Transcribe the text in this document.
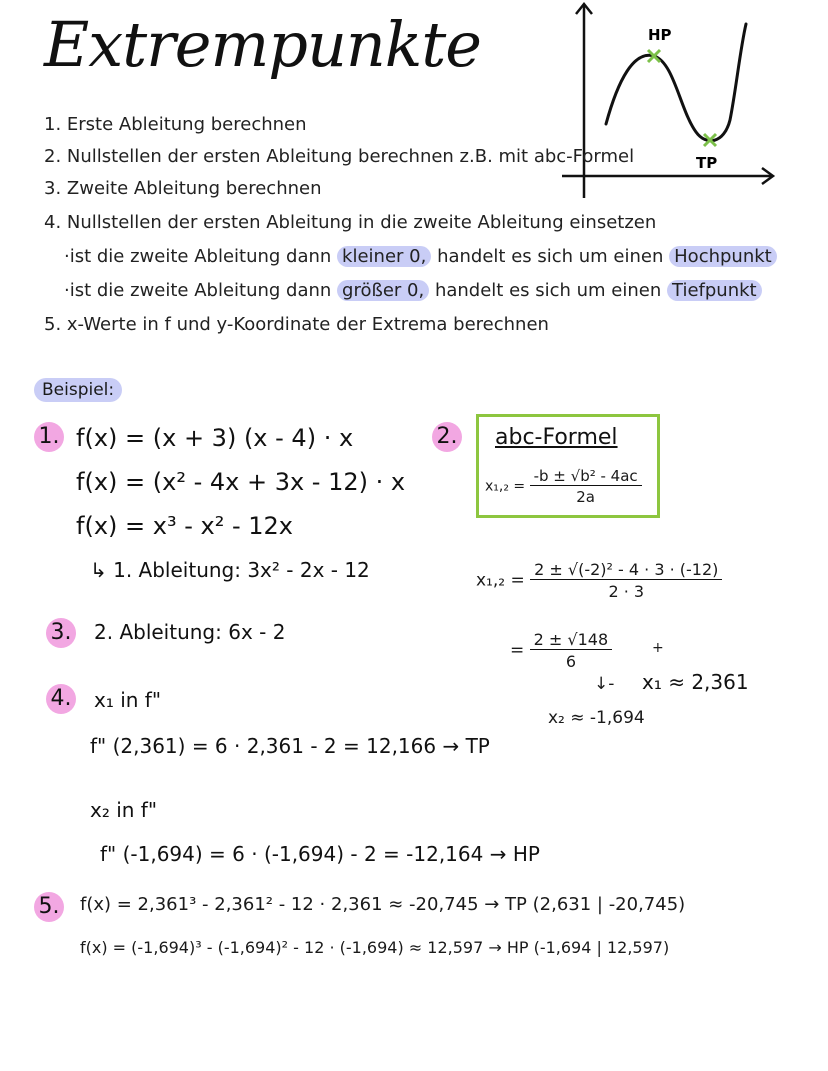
Extrempunkte	HP
TP
1. Erste Ableitung berechnen
2. Nullstellen der ersten Ableitung berechnen z.B. mit abc-Formel
3. Zweite Ableitung berechnen
4. Nullstellen der ersten Ableitung in die zweite Ableitung einsetzen
·ist die zweite Ableitung dann kleiner 0, handelt es sich um einen Hochpunkt
·ist die zweite Ableitung dann größer 0, handelt es sich um einen Tiefpunkt
5. x-Werte in f und y-Koordinate der Extrema berechnen
Beispiel:
1. f(x) = (x + 3) (x - 4) · x
f(x) = (x² - 4x + 3x - 12) · x
f(x) = x³ - x² - 12x
↳ 1. Ableitung: 3x² - 2x - 12
2. abc-Formel
$x_1,_2 = \frac{\text{-b ± √b² - 4ac}}{2a}$
$x_1,_2 = \frac{\text{2 ± √(-2)² - 4 · 3 · (-12)}}{2 \cdot 3}$
= $\frac{2 \pm √148}{6}$	+
↓- x₁ ≈ 2,361
x₂ ≈ -1,694
3. 2. Ableitung: 6x - 2
4. x₁ in f"
f" (2,361) = 6 · 2,361 - 2 = 12,166 → TP
x₂ in f"
f" (-1,694) = 6 · (-1,694) - 2 = -12,164 → HP
5. f(x) = 2,361³ - 2,361² - 12 · 2,361 ≈ -20,745 → TP (2,631 | -20,745)
f(x) = (-1,694)³ - (-1,694)² - 12 · (-1,694) ≈ 12,597 → HP (-1,694 | 12,597)
